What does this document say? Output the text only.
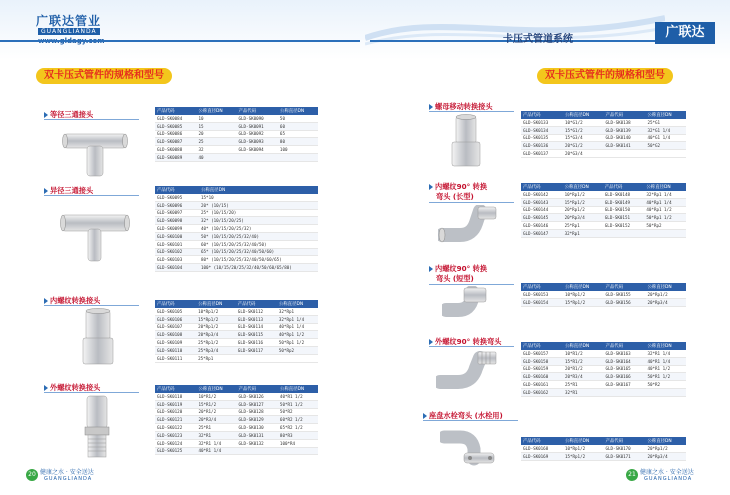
广联达管业
GUANGLIANDA
卡压式管道系统	广联达
双卡压式管件的规格和型号	双卡压式管件的规格和型号
等径三通接头	产品代码	公称直径DN	产品代码	公称直径DN
GLD-SK0084	10	GLD-SK0090	50
GLD-SK0085	15	GLD-SK0091	60
GLD-SK0086	20	GLD-SK0092	65
GLD-SK0087	25	GLD-SK0093	80
GLD-SK0088	32	GLD-SK0094	100
GLD-SK0089	40		
异径三通接头	产品代码	公称直径DN
GLD-SK0095	15*10
GLD-SK0096	20* (10/15)
GLD-SK0097	25* (10/15/20)
GLD-SK0098	32* (10/15/20/25)
GLD-SK0099	40* (10/15/20/25/32)
GLD-SK0100	50* (10/15/20/25/32/40)
GLD-SK0101	60* (10/15/20/25/32/40/50)
GLD-SK0102	65* (10/15/20/25/32/40/50/60)
GLD-SK0103	80* (10/15/20/25/32/40/50/60/65)
GLD-SK0104	100* (10/15/20/25/32/40/50/60/65/80)
内螺纹转换接头	产品代码	公称直径DN	产品代码	公称直径DN
GLD-SK0105	10*Rp1/2	GLD-SK0112	32*Rp1
GLD-SK0106	15*Rp1/2	GLD-SK0113	32*Rp1 1/4
GLD-SK0107	20*Rp1/2	GLD-SK0114	40*Rp1 1/4
GLD-SK0108	20*Rp3/4	GLD-SK0115	40*Rp1 1/2
GLD-SK0109	25*Rp1/2	GLD-SK0116	50*Rp1 1/2
GLD-SK0110	25*Rp3/4	GLD-SK0117	50*Rp2
GLD-SK0111	25*Rp1		
外螺纹转换接头	产品代码	公称直径DN	产品代码	公称直径DN
GLD-SK0118	10*R1/2	GLD-SK0126	40*R1 1/2
GLD-SK0119	15*R1/2	GLD-SK0127	50*R1 1/2
GLD-SK0120	20*R1/2	GLD-SK0128	50*R2
GLD-SK0121	20*R3/4	GLD-SK0129	60*R2 1/2
GLD-SK0122	25*R1	GLD-SK0130	65*R2 1/2
GLD-SK0123	32*R1	GLD-SK0131	80*R3
GLD-SK0124	32*R1 1/4	GLD-SK0132	100*R4
GLD-SK0125	40*R1 1/4		
螺母移动转换接头
产品代码	公称直径DN	产品代码	公称直径DN
GLD-SK0133	10*G1/2	GLD-SK0138	25*G1
GLD-SK0134	15*G1/2	GLD-SK0139	32*G1 1/4
GLD-SK0135	15*G3/4	GLD-SK0140	40*G1 1/4
GLD-SK0136	20*G1/2	GLD-SK0141	50*G2
GLD-SK0137	20*G3/4		
内螺纹90° 转换
弯头 (长型)
产品代码	公称直径DN	产品代码	公称直径DN
GLD-SK0142	10*Rp1/2	GLD-SK0148	32*Rp1 1/4
GLD-SK0143	15*Rp1/2	GLD-SK0149	40*Rp1 1/4
GLD-SK0144	20*Rp1/2	GLD-SK0150	40*Rp1 1/2
GLD-SK0145	20*Rp3/4	GLD-SK0151	50*Rp1 1/2
GLD-SK0146	25*Rp1	GLD-SK0152	50*Rp2
GLD-SK0147	32*Rp1		
内螺纹90° 转换
弯头 (短型)
产品代码	公称直径DN	产品代码	公称直径DN
GLD-SK0153	10*Rp1/2	GLD-SK0155	20*Rp1/2
GLD-SK0154	15*Rp1/2	GLD-SK0156	20*Rp3/4
外螺纹90° 转换弯头
产品代码	公称直径DN	产品代码	公称直径DN
GLD-SK0157	10*R1/2	GLD-SK0163	32*R1 1/4
GLD-SK0158	15*R1/2	GLD-SK0164	40*R1 1/4
GLD-SK0159	20*R1/2	GLD-SK0165	40*R1 1/2
GLD-SK0160	20*R3/4	GLD-SK0166	50*R1 1/2
GLD-SK0161	25*R1	GLD-SK0167	50*R2
GLD-SK0162	32*R1		
座盘水栓弯头 (水栓用)
产品代码	公称直径DN	产品代码	公称直径DN
GLD-SK0168	10*Rp1/2	GLD-SK0170	20*Rp1/2
GLD-SK0169	15*Rp1/2	GLD-SK0171	20*Rp3/4
20 健康之水 · 安全送达
GUANGLIANDA
21 健康之水 · 安全送达
GUANGLIANDA
